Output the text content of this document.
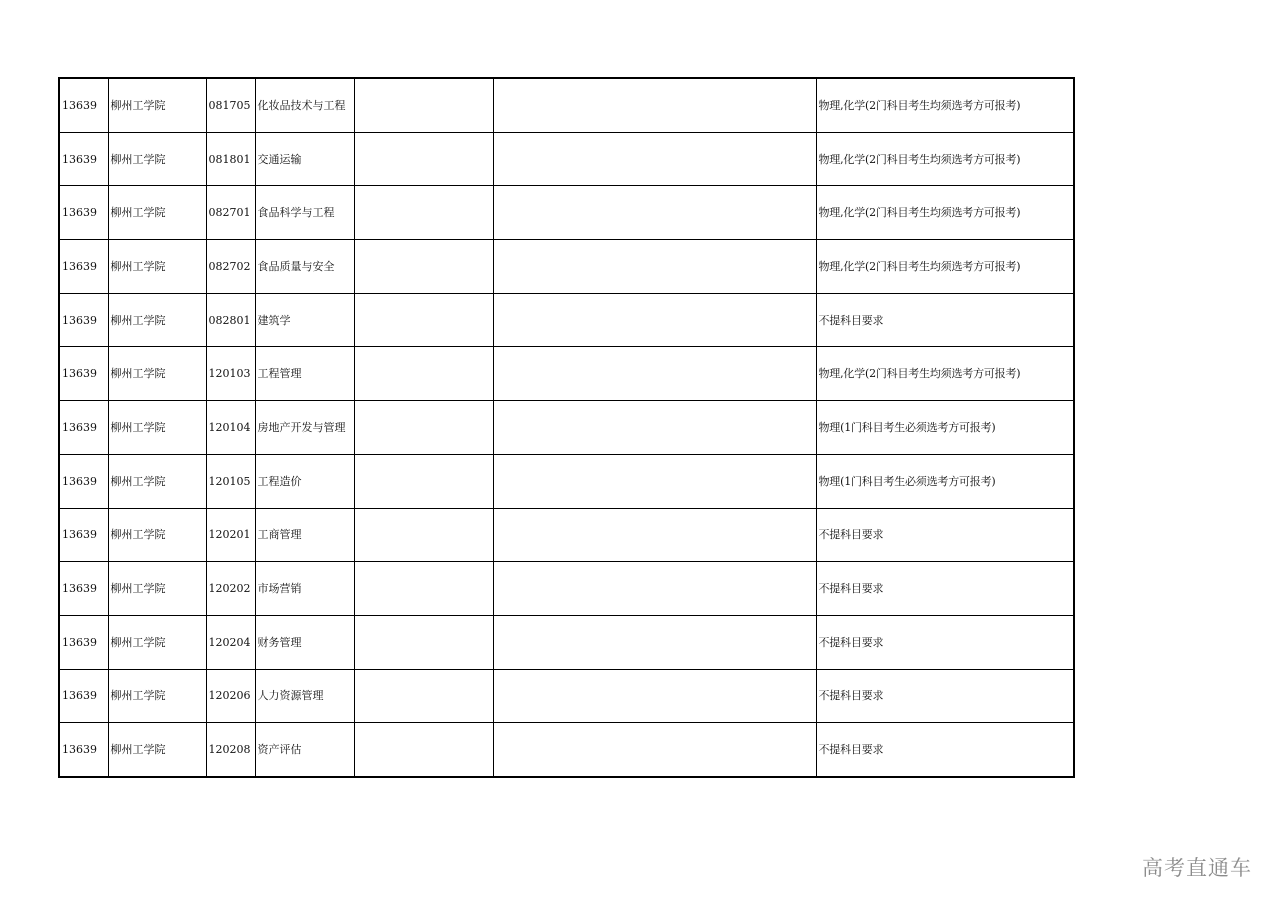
13639	柳州工学院	081705	化妆品技术与工程			物理,化学(2门科目考生均须选考方可报考)
13639	柳州工学院	081801	交通运输			物理,化学(2门科目考生均须选考方可报考)
13639	柳州工学院	082701	食品科学与工程			物理,化学(2门科目考生均须选考方可报考)
13639	柳州工学院	082702	食品质量与安全			物理,化学(2门科目考生均须选考方可报考)
13639	柳州工学院	082801	建筑学			不提科目要求
13639	柳州工学院	120103	工程管理			物理,化学(2门科目考生均须选考方可报考)
13639	柳州工学院	120104	房地产开发与管理			物理(1门科目考生必须选考方可报考)
13639	柳州工学院	120105	工程造价			物理(1门科目考生必须选考方可报考)
13639	柳州工学院	120201	工商管理			不提科目要求
13639	柳州工学院	120202	市场营销			不提科目要求
13639	柳州工学院	120204	财务管理			不提科目要求
13639	柳州工学院	120206	人力资源管理			不提科目要求
13639	柳州工学院	120208	资产评估			不提科目要求
高考直通车
